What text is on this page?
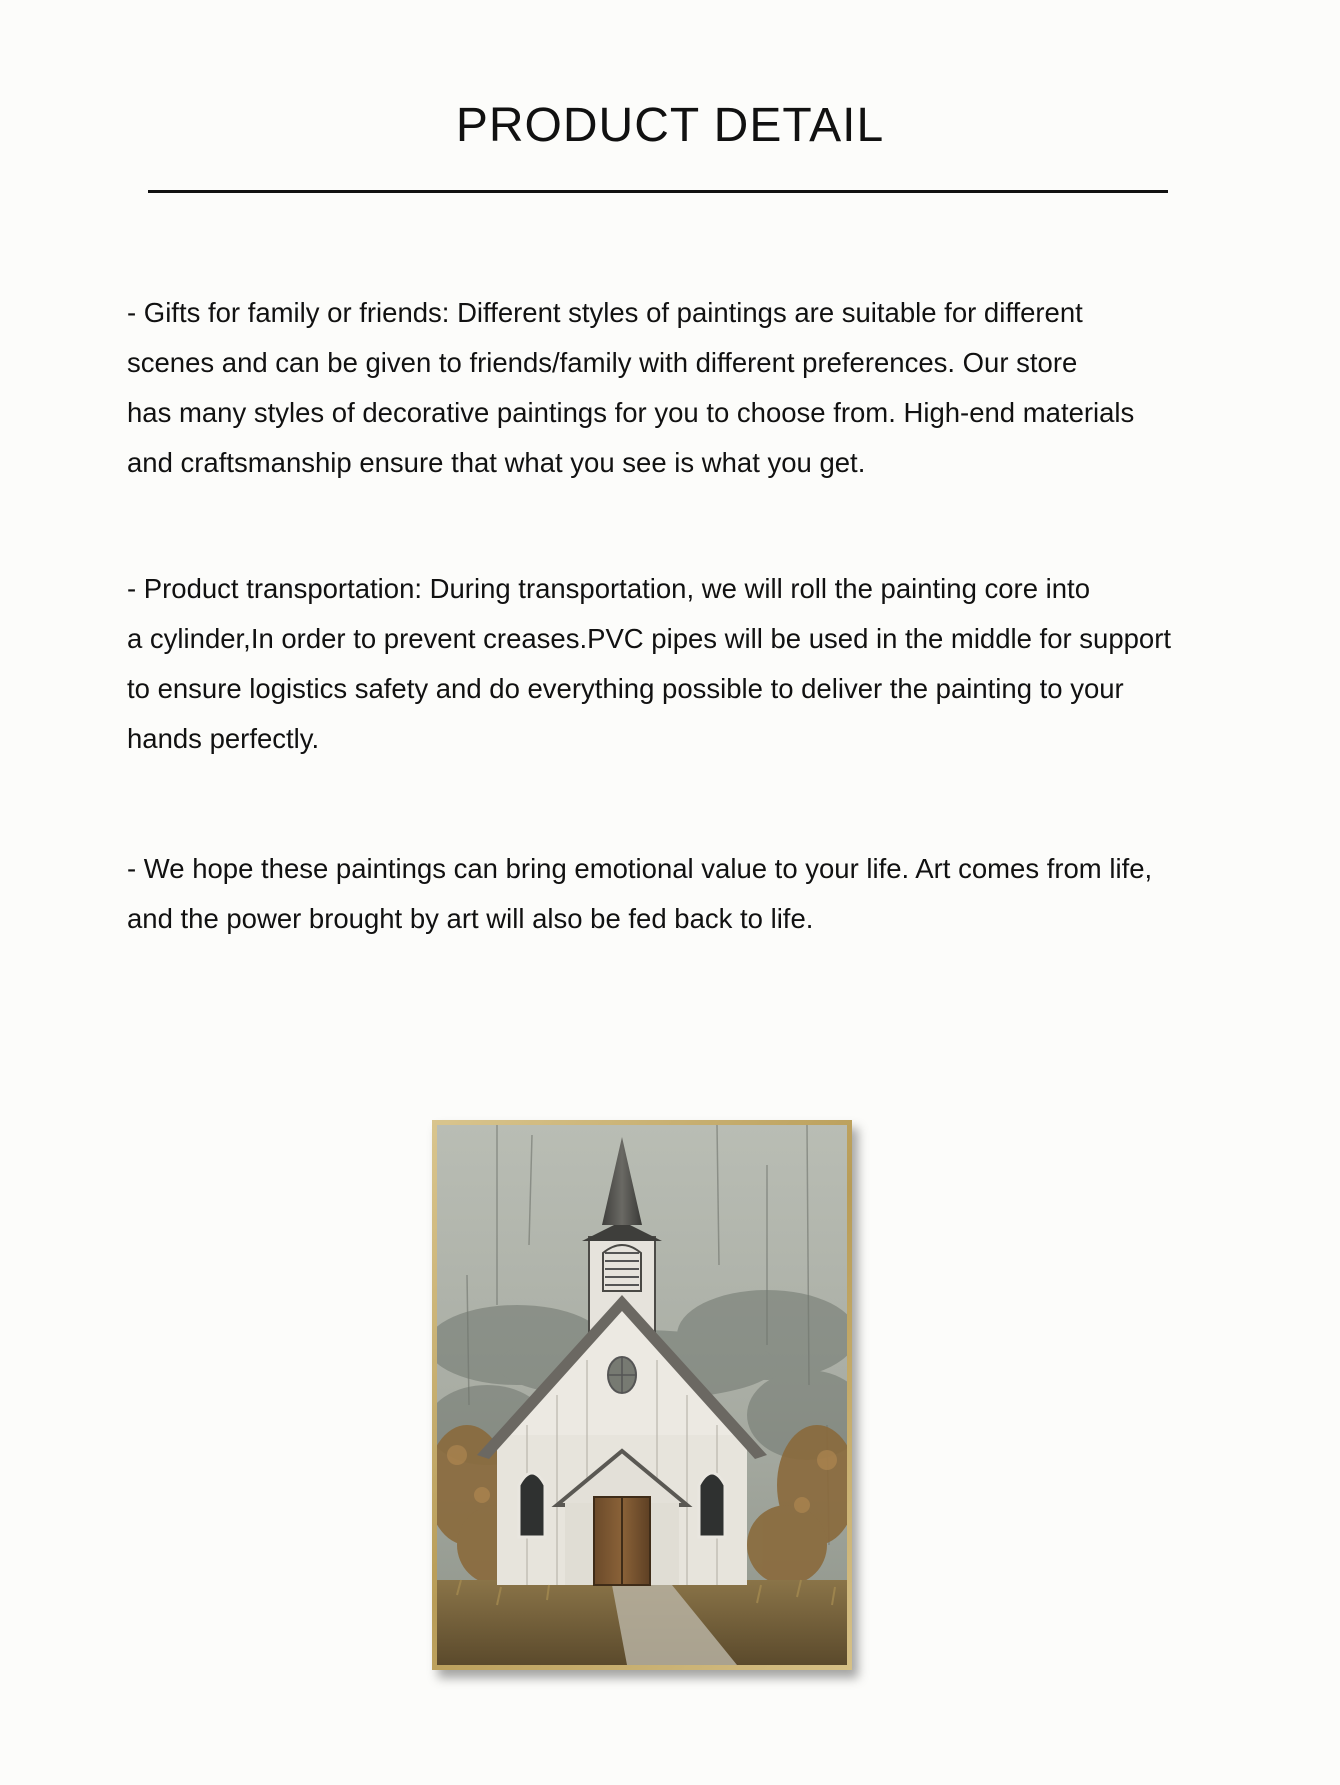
PRODUCT DETAIL
- Gifts for family or friends: Different styles of paintings are suitable for different
scenes and can be given to friends/family with different preferences. Our store
has many styles of decorative paintings for you to choose from. High-end materials
and craftsmanship ensure that what you see is what you get.
- Product transportation: During transportation, we will roll the painting core into
a cylinder,In order to prevent creases.PVC pipes will be used in the middle for support
to ensure logistics safety and do everything possible to deliver the painting to your
hands perfectly.
- We hope these paintings can bring emotional value to your life. Art comes from life,
and the power brought by art will also be fed back to life.
